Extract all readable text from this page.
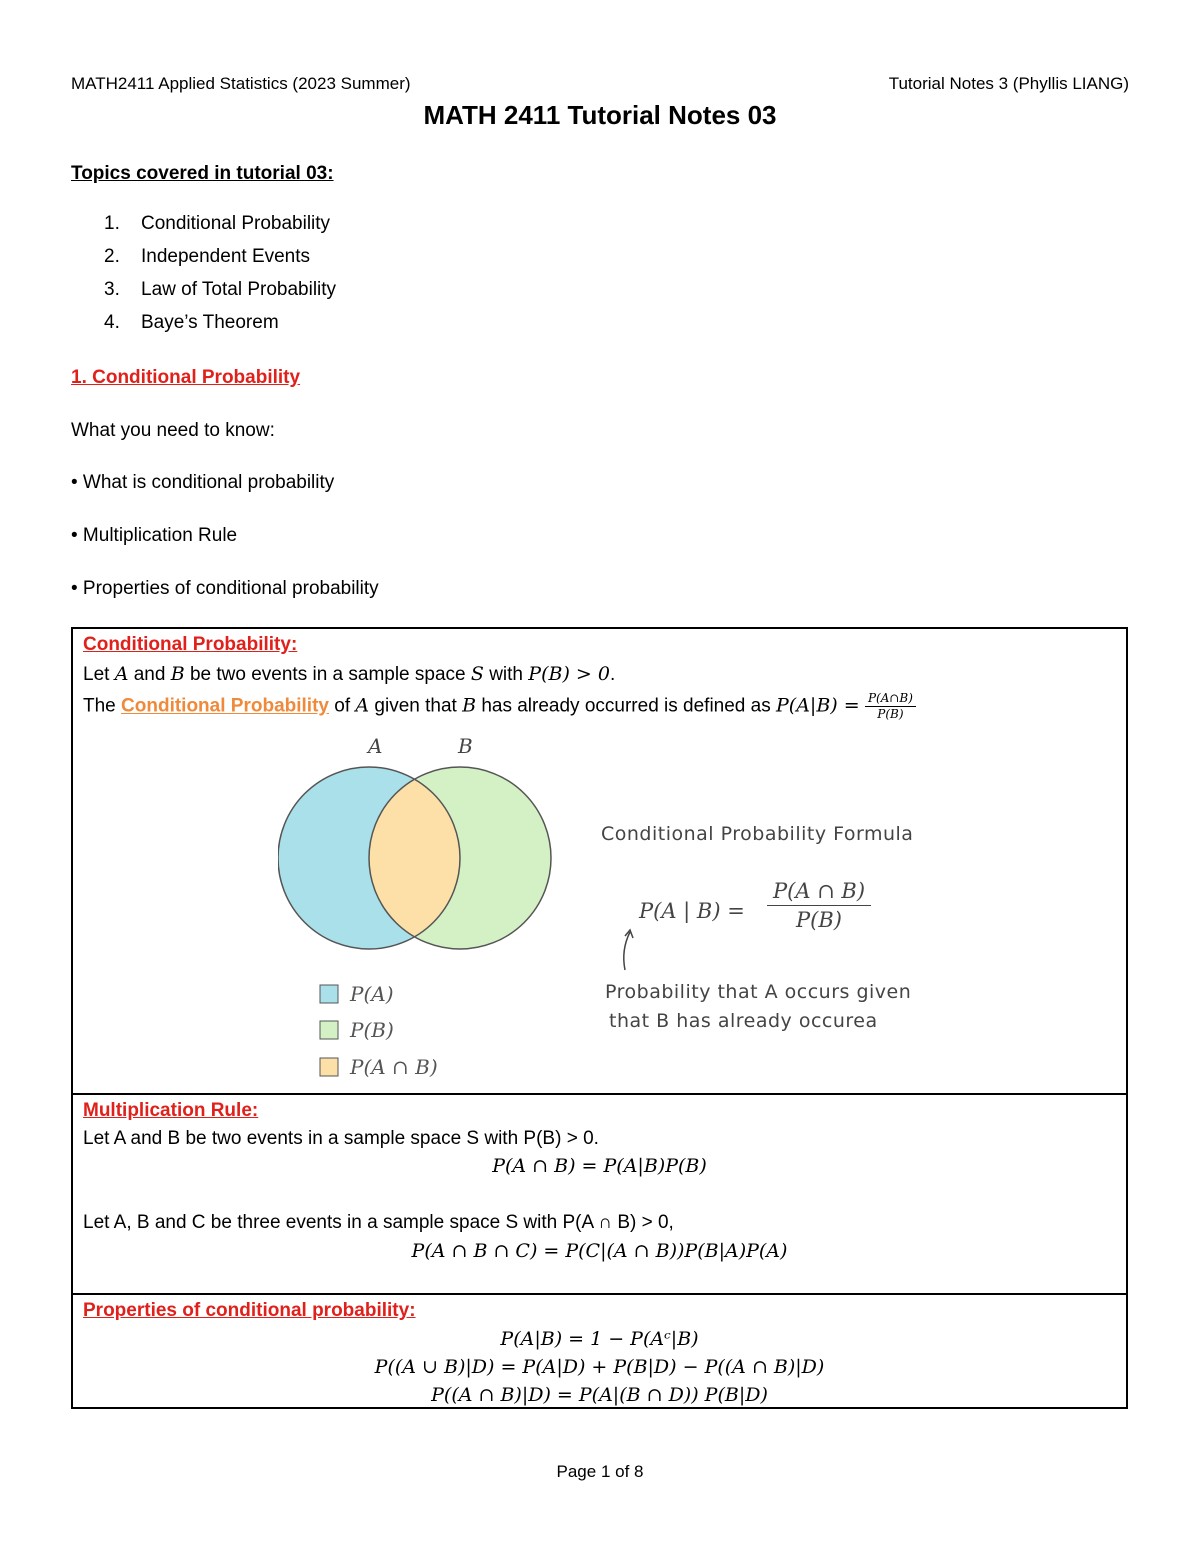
MATH2411 Applied Statistics (2023 Summer)	Tutorial Notes 3 (Phyllis LIANG)
MATH 2411 Tutorial Notes 03
Topics covered in tutorial 03:
1.	Conditional Probability
2.	Independent Events
3.	Law of Total Probability
4.	Baye’s Theorem
1. Conditional Probability
What you need to know:
• What is conditional probability
• Multiplication Rule
• Properties of conditional probability
Conditional Probability:
Let A and B be two events in a sample space S with P(B) > 0.
The Conditional Probability of A given that B has already occurred is defined as $P(A|B) = \frac{P(A\cap B)}{P(B)}$
A	B
P(A)
P(B)
P(A ∩ B)
Conditional Probability Formula
P(A | B) =
P(A ∩ B)
P(B)
Probability that A occurs given
that B has already occurea
Multiplication Rule:
Let A and B be two events in a sample space S with P(B) > 0.
P(A ∩ B) = P(A|B)P(B)
Let A, B and C be three events in a sample space S with P(A ∩ B) > 0,
P(A ∩ B ∩ C) = P(C|(A ∩ B))P(B|A)P(A)
Properties of conditional probability:
P(A|B) = 1 − P(Aᶜ|B)
P((A ∪ B)|D) = P(A|D) + P(B|D) − P((A ∩ B)|D)
P((A ∩ B)|D) = P(A|(B ∩ D)) P(B|D)
Page 1 of 8
